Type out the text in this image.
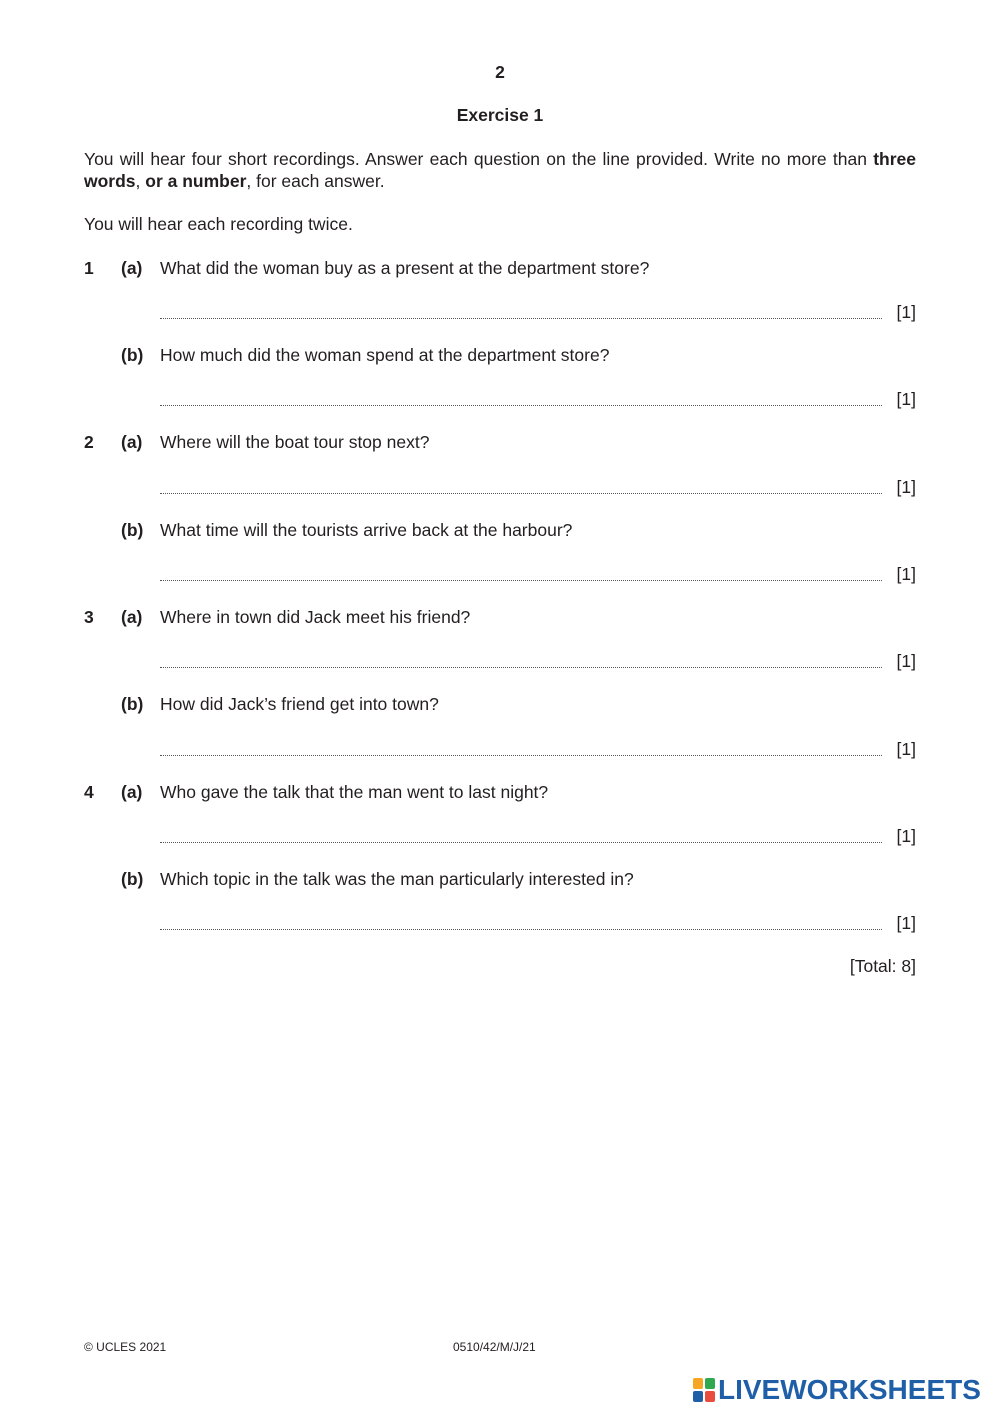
2
Exercise 1

You will hear four short recordings. Answer each question on the line provided. Write no more than three words, or a number, for each answer.

You will hear each recording twice.

1 (a) What did the woman buy as a present at the department store?
[1]
(b) How much did the woman spend at the department store?
[1]
2 (a) Where will the boat tour stop next?
[1]
(b) What time will the tourists arrive back at the harbour?
[1]
3 (a) Where in town did Jack meet his friend?
[1]
(b) How did Jack’s friend get into town?
[1]
4 (a) Who gave the talk that the man went to last night?
[1]
(b) Which topic in the talk was the man particularly interested in?
[1]
[Total: 8]
© UCLES 2021	0510/42/M/J/21
LIVEWORKSHEETS
